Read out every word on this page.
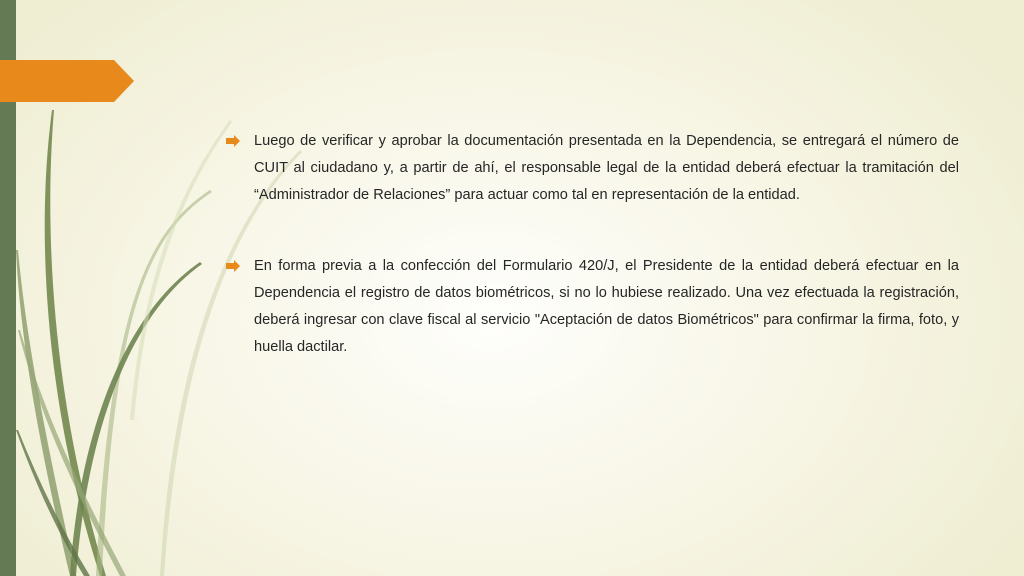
Luego de verificar y aprobar la documentación presentada en la Dependencia, se entregará el número de CUIT al ciudadano y, a partir de ahí, el responsable legal de la entidad deberá efectuar la tramitación del “Administrador de Relaciones” para actuar como tal en representación de la entidad.
En forma previa a la confección del Formulario 420/J, el Presidente de la entidad deberá efectuar en la Dependencia el registro de datos biométricos, si no lo hubiese realizado. Una vez efectuada la registración, deberá ingresar con clave fiscal al servicio "Aceptación de datos Biométricos" para confirmar la firma, foto, y huella dactilar.
